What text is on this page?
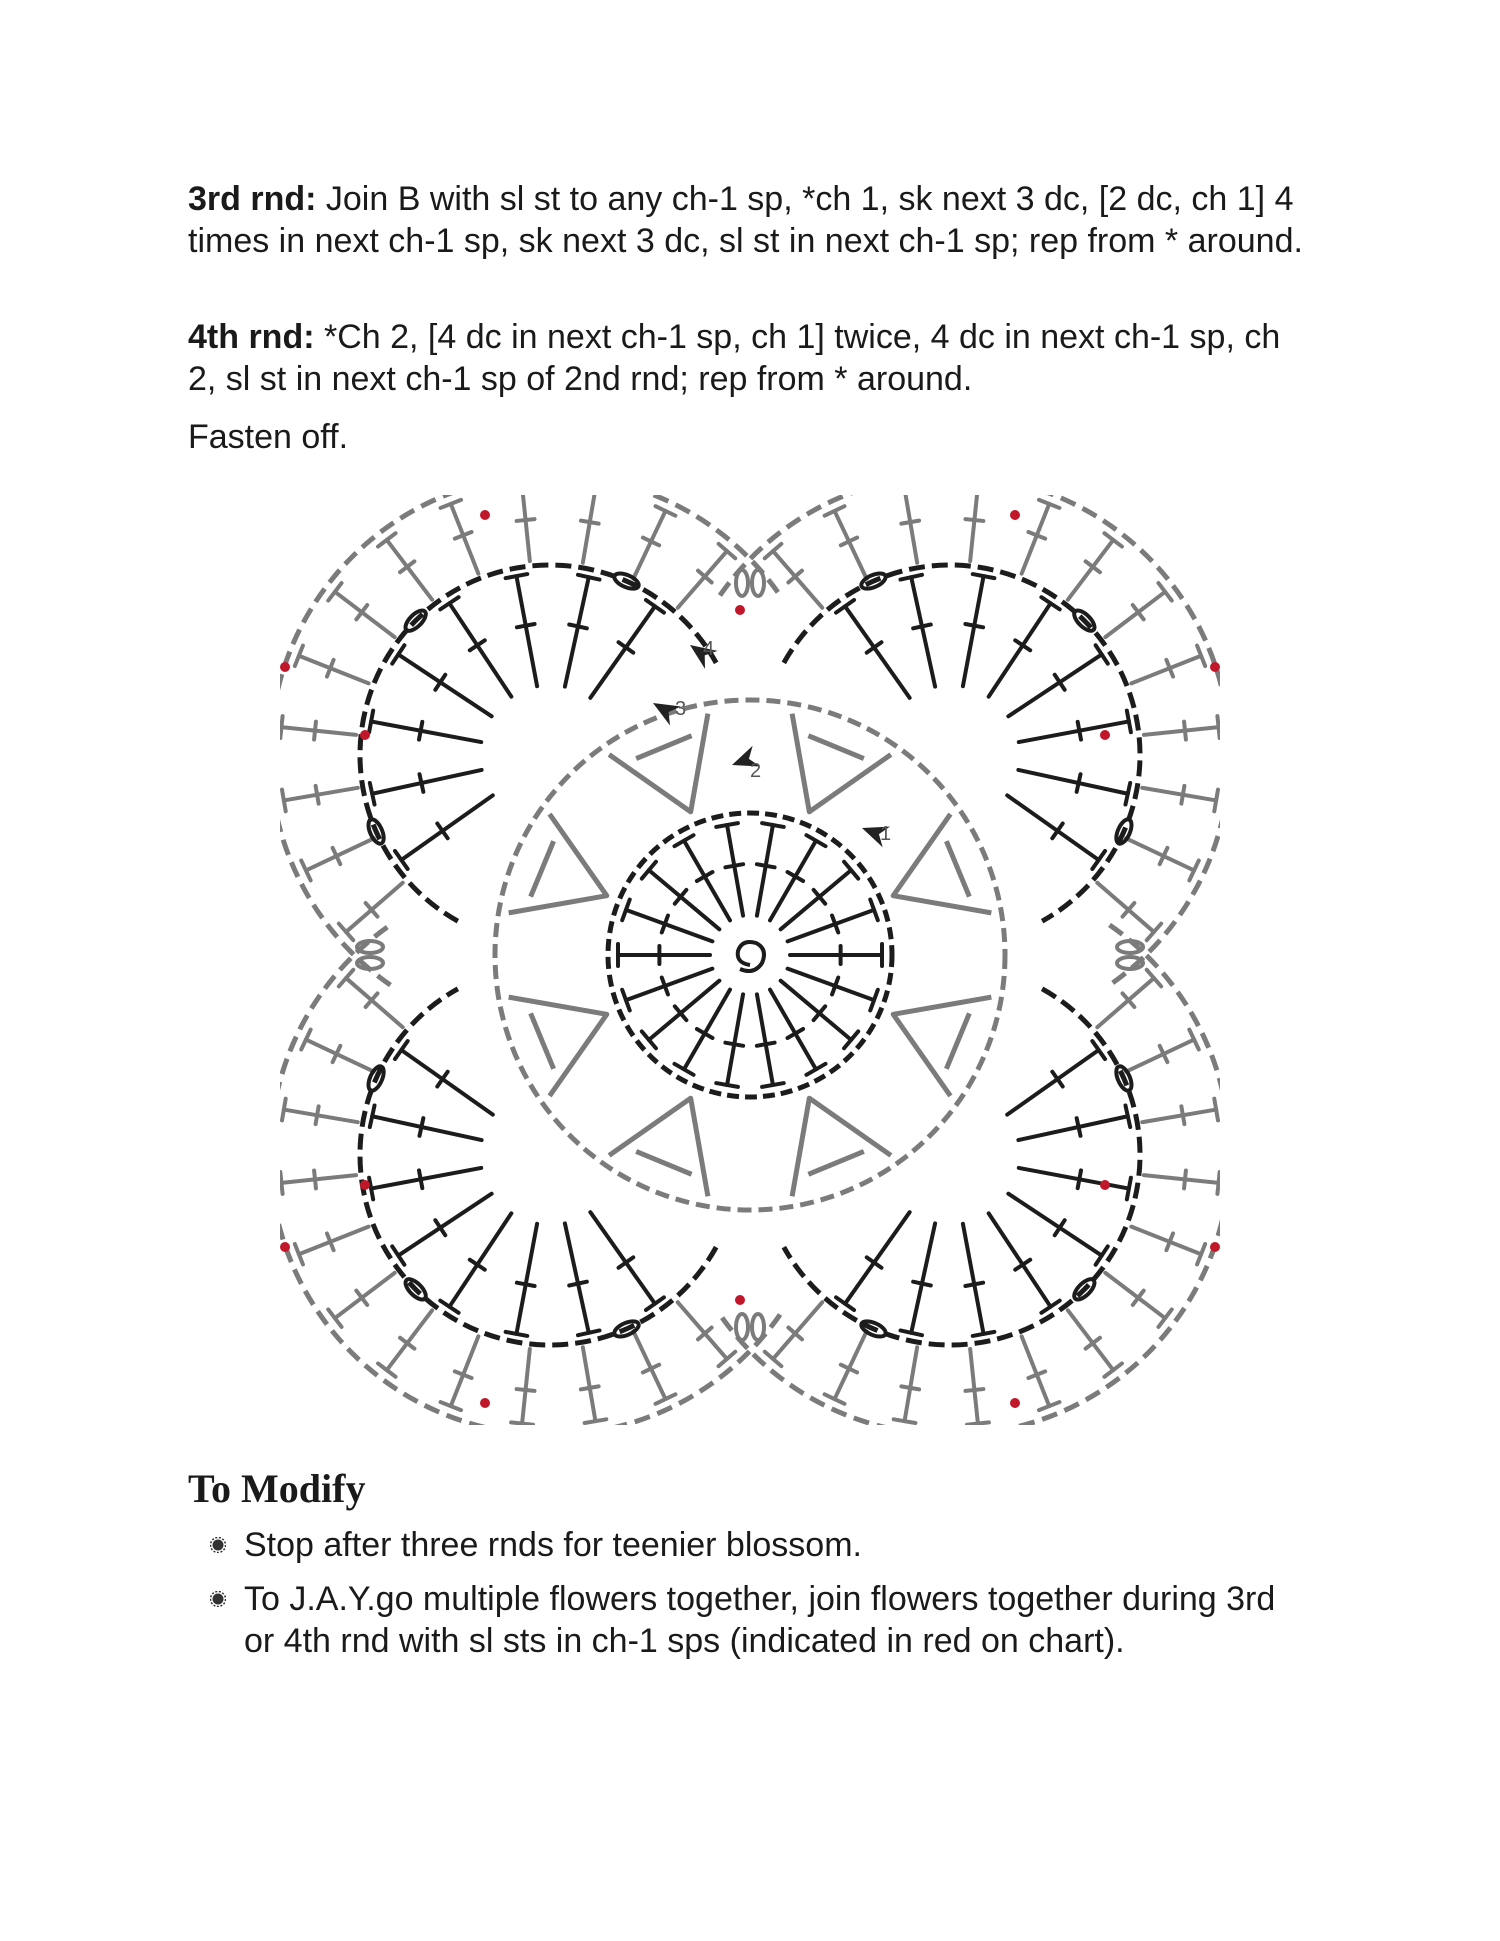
3rd rnd: Join B with sl st to any ch-1 sp, *ch 1, sk next 3 dc, [2 dc, ch 1] 4 times in next ch-1 sp, sk next 3 dc, sl st in next ch-1 sp; rep from * around.

4th rnd: *Ch 2, [4 dc in next ch-1 sp, ch 1] twice, 4 dc in next ch-1 sp, ch 2, sl st in next ch-1 sp of 2nd rnd; rep from * around.

Fasten off.

1
2
3
4
To Modify
Stop after three rnds for teenier blossom.
To J.A.Y.go multiple flowers together, join flowers together during 3rd or 4th rnd with sl sts in ch-1 sps (indicated in red on chart).
